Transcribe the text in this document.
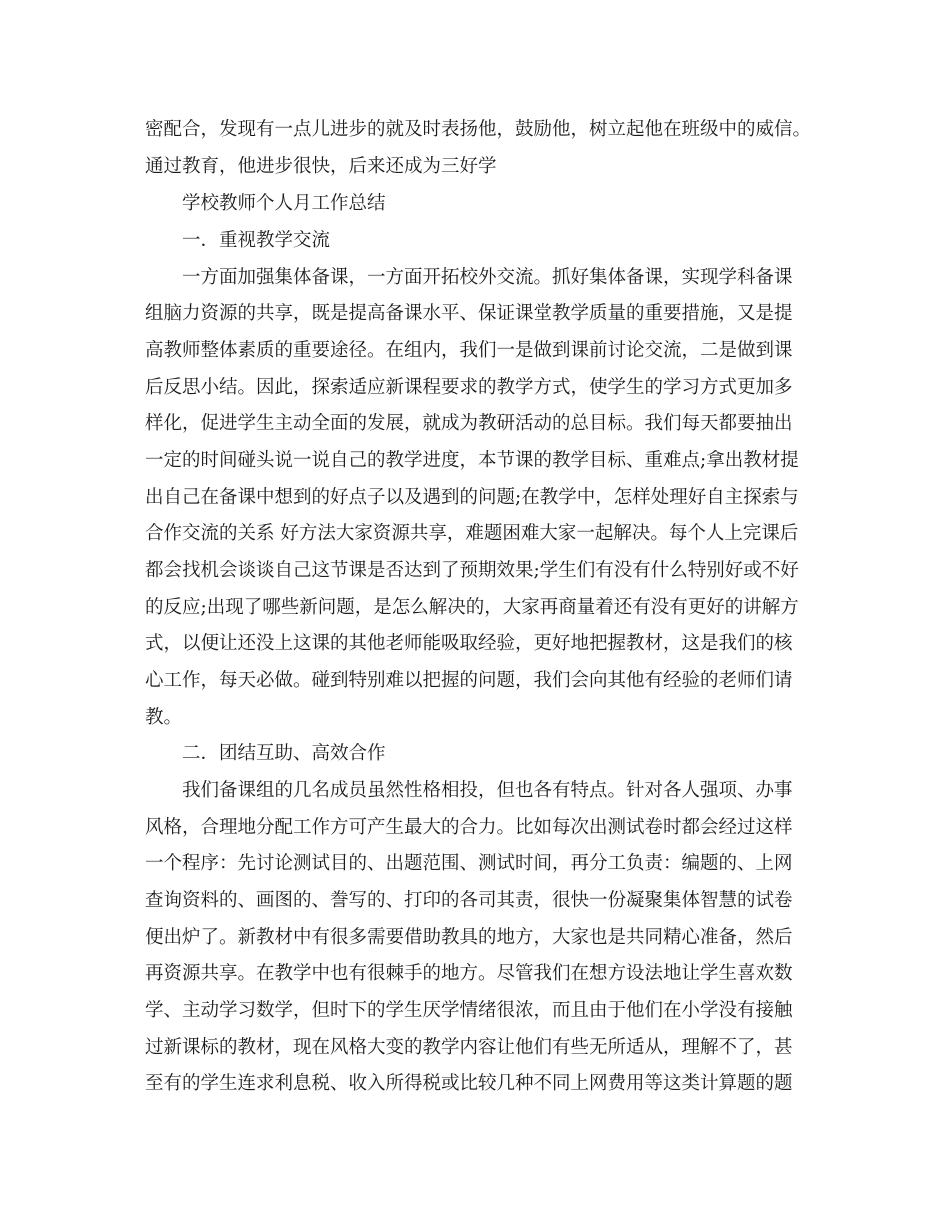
密配合，发现有一点儿进步的就及时表扬他，鼓励他，树立起他在班级中的威信。
通过教育，他进步很快，后来还成为三好学
学校教师个人月工作总结
一．重视教学交流
一方面加强集体备课，一方面开拓校外交流。抓好集体备课，实现学科备课
组脑力资源的共享，既是提高备课水平、保证课堂教学质量的重要措施，又是提
高教师整体素质的重要途径。在组内，我们一是做到课前讨论交流，二是做到课
后反思小结。因此，探索适应新课程要求的教学方式，使学生的学习方式更加多
样化，促进学生主动全面的发展，就成为教研活动的总目标。我们每天都要抽出
一定的时间碰头说一说自己的教学进度，本节课的教学目标、重难点;拿出教材提
出自己在备课中想到的好点子以及遇到的问题;在教学中，怎样处理好自主探索与
合作交流的关系 好方法大家资源共享，难题困难大家一起解决。每个人上完课后
都会找机会谈谈自己这节课是否达到了预期效果;学生们有没有什么特别好或不好
的反应;出现了哪些新问题，是怎么解决的，大家再商量着还有没有更好的讲解方
式，以便让还没上这课的其他老师能吸取经验，更好地把握教材，这是我们的核
心工作，每天必做。碰到特别难以把握的问题，我们会向其他有经验的老师们请
教。
二．团结互助、高效合作
我们备课组的几名成员虽然性格相投，但也各有特点。针对各人强项、办事
风格，合理地分配工作方可产生最大的合力。比如每次出测试卷时都会经过这样
一个程序：先讨论测试目的、出题范围、测试时间，再分工负责：编题的、上网
查询资料的、画图的、誊写的、打印的各司其责，很快一份凝聚集体智慧的试卷
便出炉了。新教材中有很多需要借助教具的地方，大家也是共同精心准备，然后
再资源共享。在教学中也有很棘手的地方。尽管我们在想方设法地让学生喜欢数
学、主动学习数学，但时下的学生厌学情绪很浓，而且由于他们在小学没有接触
过新课标的教材，现在风格大变的教学内容让他们有些无所适从，理解不了，甚
至有的学生连求利息税、收入所得税或比较几种不同上网费用等这类计算题的题
